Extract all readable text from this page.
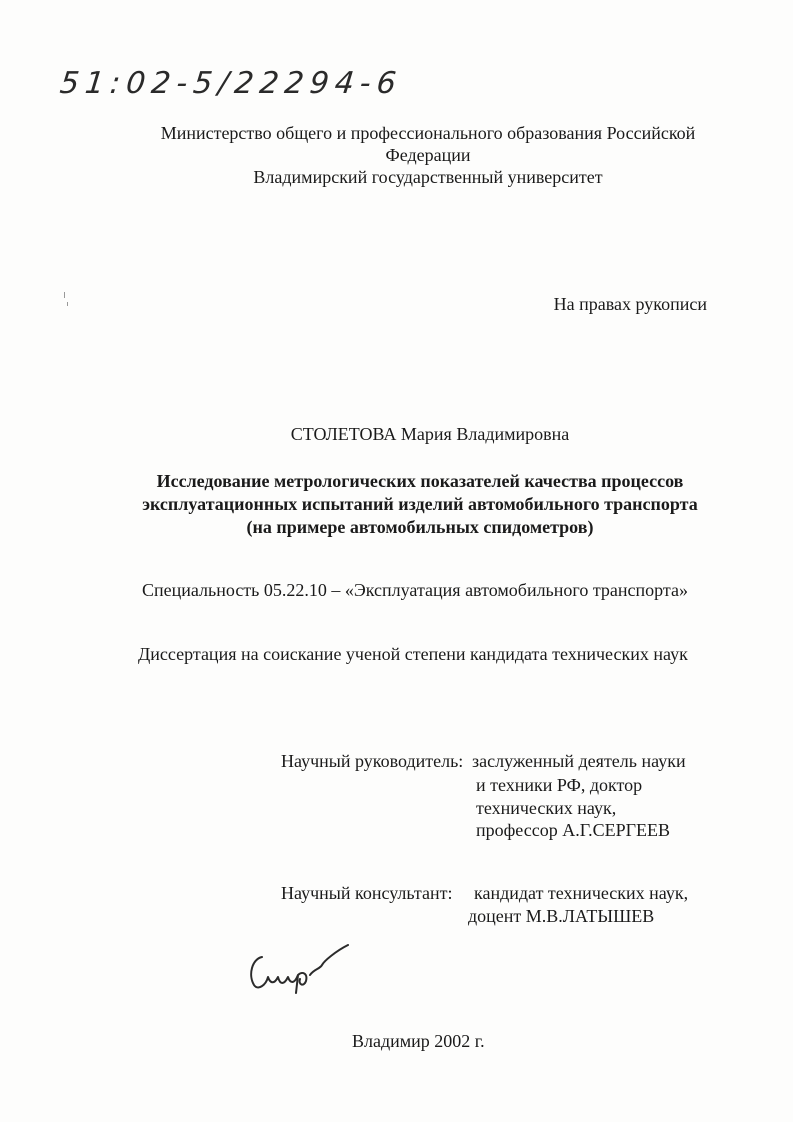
51:02-5/22294-6
Министерство общего и профессионального образования Российской
Федерации
Владимирский государственный университет
На правах рукописи
СТОЛЕТОВА Мария Владимировна
Исследование метрологических показателей качества процессов
эксплуатационных испытаний изделий автомобильного транспорта
(на примере автомобильных спидометров)
Специальность 05.22.10 – «Эксплуатация автомобильного транспорта»
Диссертация на соискание ученой степени кандидата технических наук
Научный руководитель: заслуженный деятель науки
и техники РФ, доктор
технических наук,
профессор А.Г.СЕРГЕЕВ
Научный консультант: кандидат технических наук,
доцент М.В.ЛАТЫШЕВ
Владимир 2002 г.
